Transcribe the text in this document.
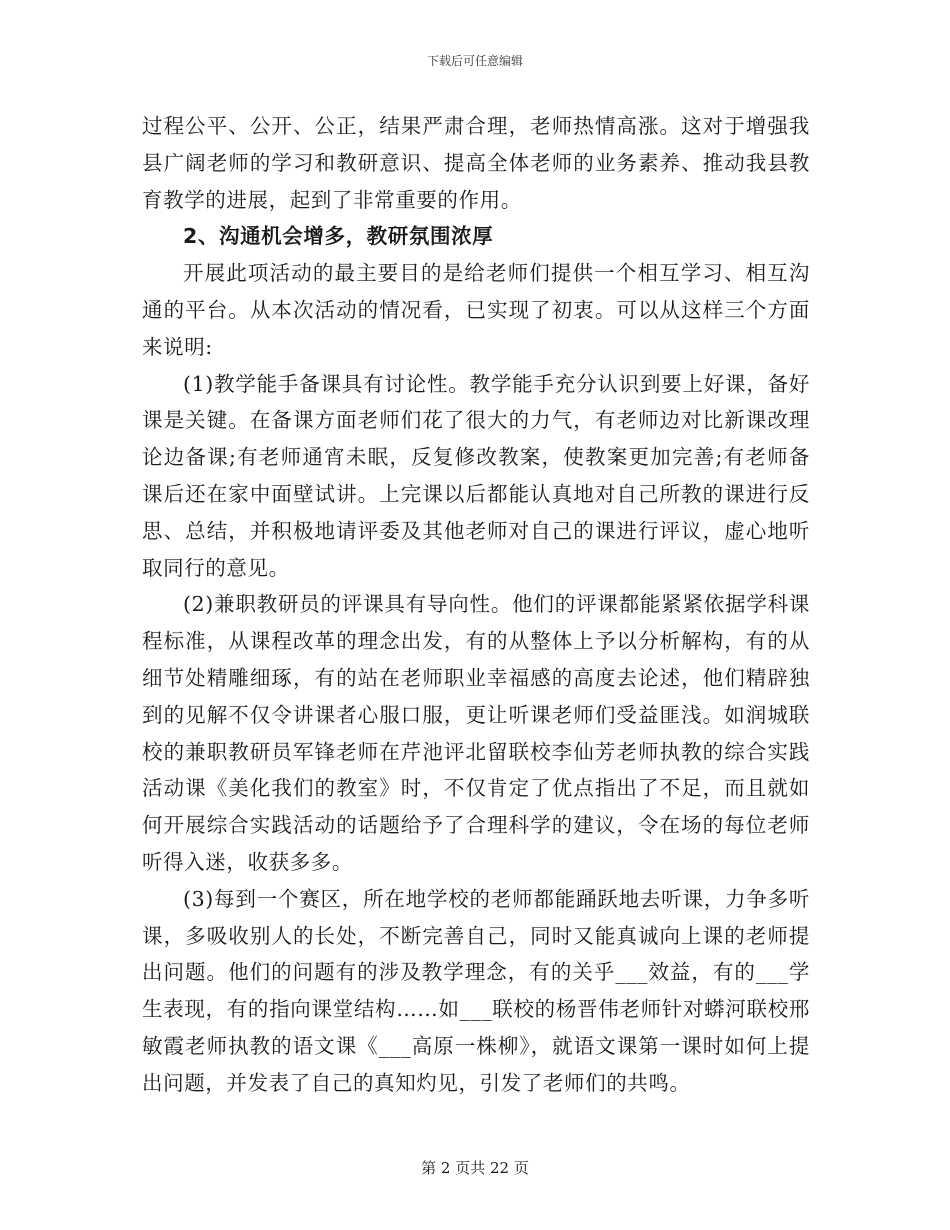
下载后可任意编辑

过程公平、公开、公正，结果严肃合理，老师热情高涨。这对于增强我县广阔老师的学习和教研意识、提高全体老师的业务素养、推动我县教育教学的进展，起到了非常重要的作用。

2、沟通机会增多，教研氛围浓厚

开展此项活动的最主要目的是给老师们提供一个相互学习、相互沟通的平台。从本次活动的情况看，已实现了初衷。可以从这样三个方面来说明:

(1)教学能手备课具有讨论性。教学能手充分认识到要上好课，备好课是关键。在备课方面老师们花了很大的力气，有老师边对比新课改理论边备课;有老师通宵未眠，反复修改教案，使教案更加完善;有老师备课后还在家中面壁试讲。上完课以后都能认真地对自己所教的课进行反思、总结，并积极地请评委及其他老师对自己的课进行评议，虚心地听取同行的意见。

(2)兼职教研员的评课具有导向性。他们的评课都能紧紧依据学科课程标准，从课程改革的理念出发，有的从整体上予以分析解构，有的从细节处精雕细琢，有的站在老师职业幸福感的高度去论述，他们精辟独到的见解不仅令讲课者心服口服，更让听课老师们受益匪浅。如润城联校的兼职教研员军锋老师在芹池评北留联校李仙芳老师执教的综合实践活动课《美化我们的教室》时，不仅肯定了优点指出了不足，而且就如何开展综合实践活动的话题给予了合理科学的建议，令在场的每位老师听得入迷，收获多多。

(3)每到一个赛区，所在地学校的老师都能踊跃地去听课，力争多听课，多吸收别人的长处，不断完善自己，同时又能真诚向上课的老师提出问题。他们的问题有的涉及教学理念，有的关乎___效益，有的___学生表现，有的指向课堂结构……如___联校的杨晋伟老师针对蟒河联校邢敏霞老师执教的语文课《___高原一株柳》，就语文课第一课时如何上提出问题，并发表了自己的真知灼见，引发了老师们的共鸣。

第 2 页共 22 页
